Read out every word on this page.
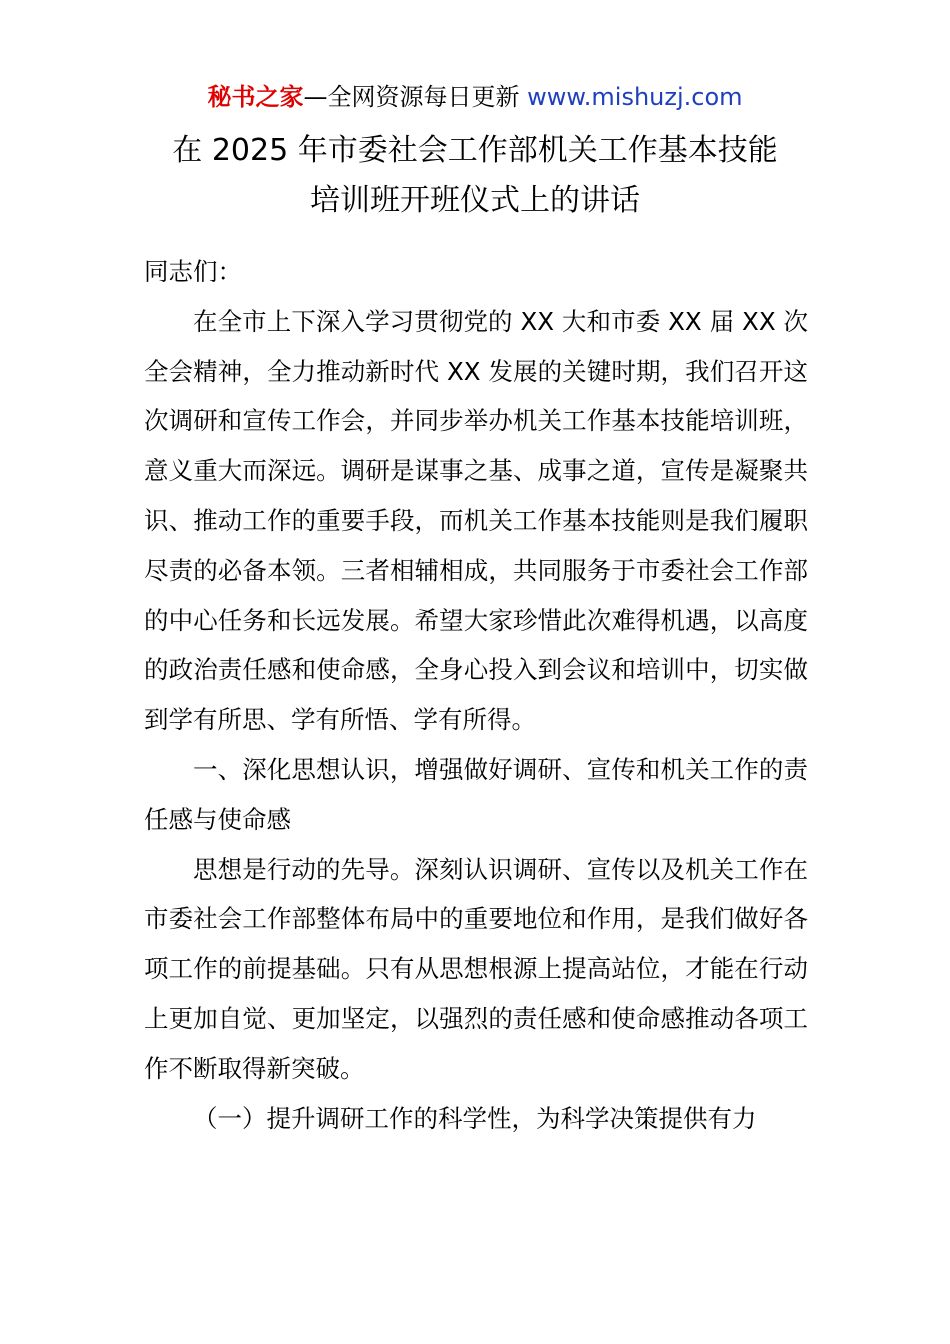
秘书之家—全网资源每日更新 www.mishuzj.com
在 2025 年市委社会工作部机关工作基本技能
培训班开班仪式上的讲话

同志们：

在全市上下深入学习贯彻党的 XX 大和市委 XX 届 XX 次全会精神，全力推动新时代 XX 发展的关键时期，我们召开这次调研和宣传工作会，并同步举办机关工作基本技能培训班，意义重大而深远。调研是谋事之基、成事之道，宣传是凝聚共识、推动工作的重要手段，而机关工作基本技能则是我们履职尽责的必备本领。三者相辅相成，共同服务于市委社会工作部的中心任务和长远发展。希望大家珍惜此次难得机遇，以高度的政治责任感和使命感，全身心投入到会议和培训中，切实做到学有所思、学有所悟、学有所得。

一、深化思想认识，增强做好调研、宣传和机关工作的责任感与使命感

思想是行动的先导。深刻认识调研、宣传以及机关工作在市委社会工作部整体布局中的重要地位和作用，是我们做好各项工作的前提基础。只有从思想根源上提高站位，才能在行动上更加自觉、更加坚定，以强烈的责任感和使命感推动各项工作不断取得新突破。

（一）提升调研工作的科学性，为科学决策提供有力
